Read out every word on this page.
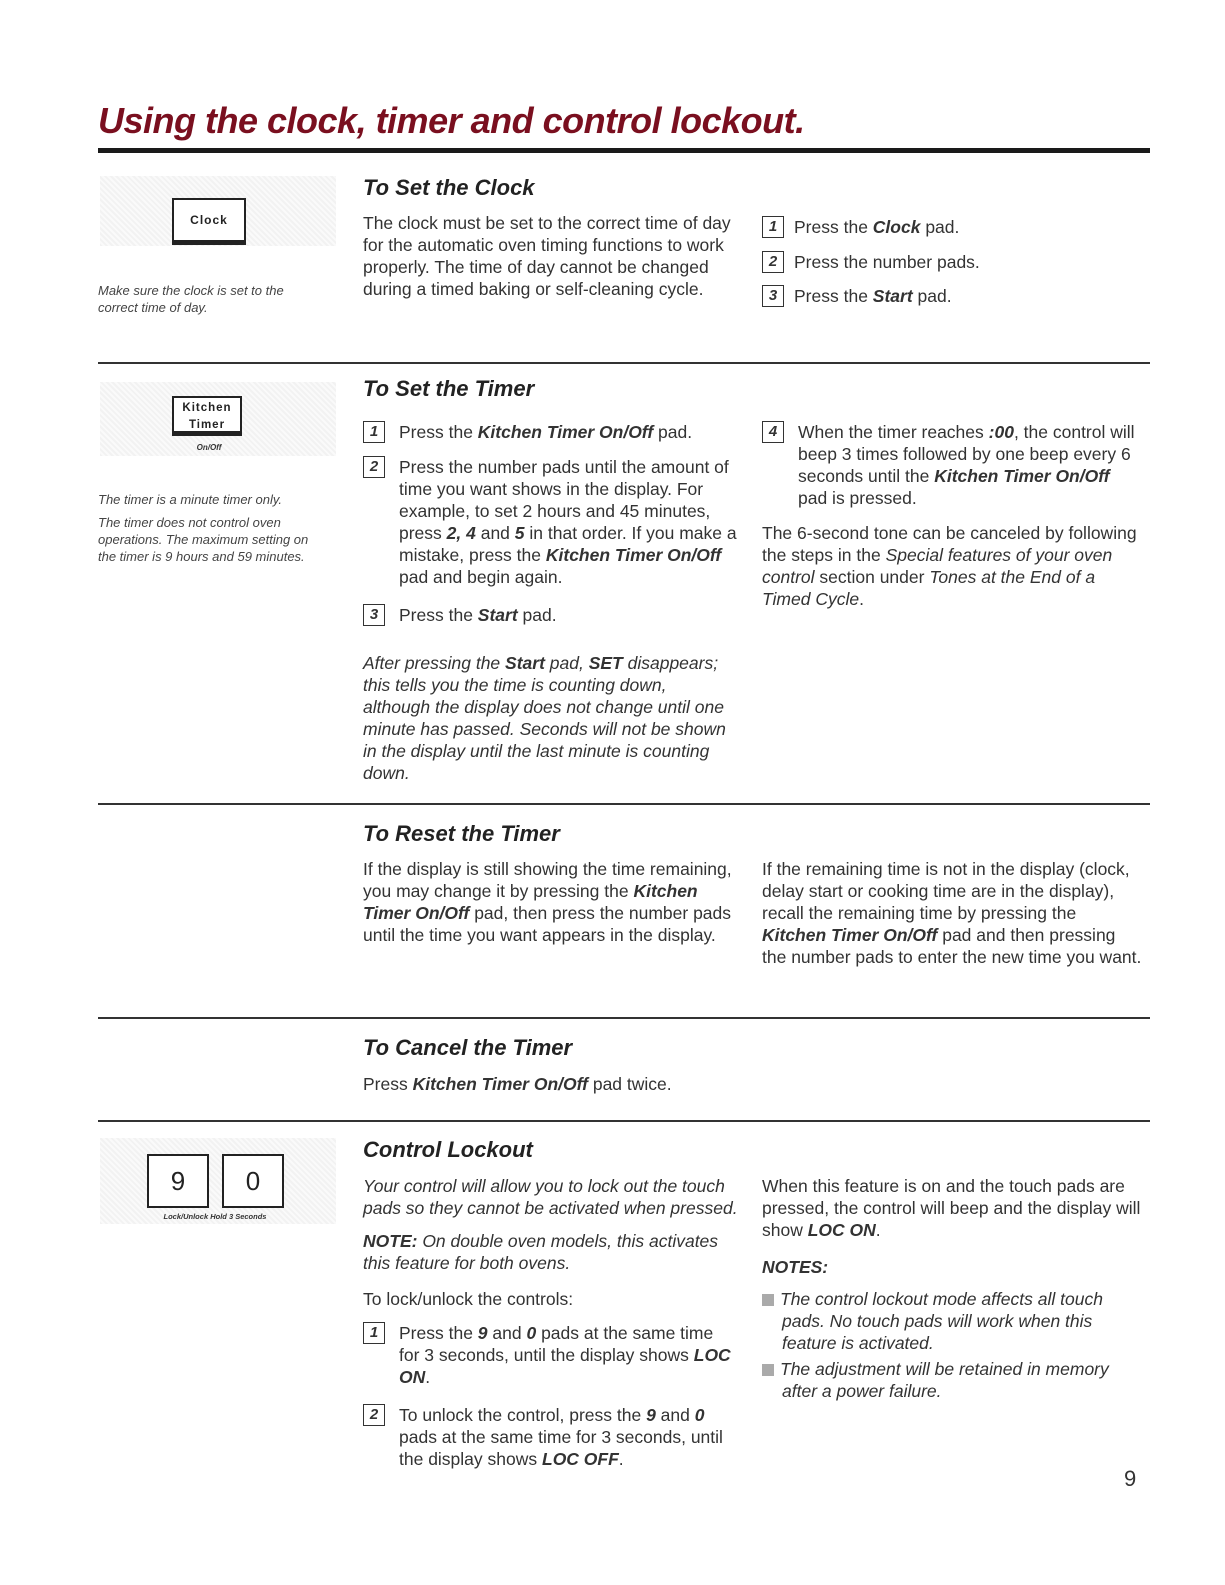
Using the clock, timer and control lockout.
Clock
Make sure the clock is set to the correct time of day.
To Set the Clock
The clock must be set to the correct time of day for the automatic oven timing functions to work properly. The time of day cannot be changed during a timed baking or self-cleaning cycle.
1 Press the Clock pad.
2 Press the number pads.
3 Press the Start pad.
Kitchen
Timer
On/Off
The timer is a minute timer only.
The timer does not control oven operations. The maximum setting on the timer is 9 hours and 59 minutes.
To Set the Timer
1	Press the Kitchen Timer On/Off pad.
2	Press the number pads until the amount of time you want shows in the display. For example, to set 2 hours and 45 minutes, press 2, 4 and 5 in that order. If you make a mistake, press the Kitchen Timer On/Off pad and begin again.
3	Press the Start pad.
After pressing the Start pad, SET disappears; this tells you the time is counting down, although the display does not change until one minute has passed. Seconds will not be shown in the display until the last minute is counting down.
4	When the timer reaches :00, the control will beep 3 times followed by one beep every 6 seconds until the Kitchen Timer On/Off pad is pressed.
The 6-second tone can be canceled by following the steps in the Special features of your oven control section under Tones at the End of a Timed Cycle.
To Reset the Timer
If the display is still showing the time remaining, you may change it by pressing the Kitchen Timer On/Off pad, then press the number pads until the time you want appears in the display.
If the remaining time is not in the display (clock, delay start or cooking time are in the display), recall the remaining time by pressing the Kitchen Timer On/Off pad and then pressing the number pads to enter the new time you want.
To Cancel the Timer
Press Kitchen Timer On/Off pad twice.
9	0
Lock/Unlock Hold 3 Seconds
Control Lockout
Your control will allow you to lock out the touch pads so they cannot be activated when pressed.
NOTE: On double oven models, this activates this feature for both ovens.
To lock/unlock the controls:
1	Press the 9 and 0 pads at the same time for 3 seconds, until the display shows LOC ON.
2	To unlock the control, press the 9 and 0 pads at the same time for 3 seconds, until the display shows LOC OFF.
When this feature is on and the touch pads are pressed, the control will beep and the display will show LOC ON.
NOTES:
The control lockout mode affects all touch pads. No touch pads will work when this feature is activated.
The adjustment will be retained in memory after a power failure.
9
